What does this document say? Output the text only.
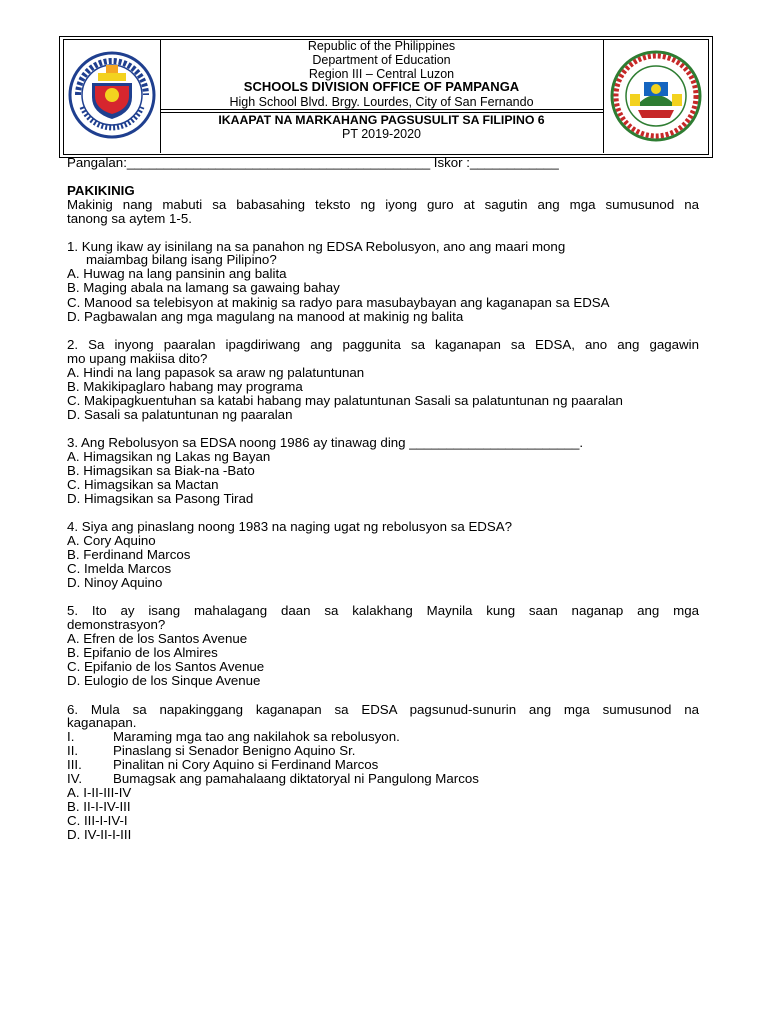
Republic of the Philippines
Department of Education
Region III – Central Luzon
SCHOOLS DIVISION OFFICE OF PAMPANGA
High School Blvd. Brgy. Lourdes, City of San Fernando
IKAAPAT NA MARKAHANG PAGSUSULIT SA FILIPINO 6
PT 2019-2020
Pangalan:_________________________________________ Iskor :____________
PAKIKINIG
Makinig nang mabuti sa babasahing teksto ng iyong guro at sagutin ang mga sumusunod na
tanong sa aytem 1-5.
1. Kung ikaw ay isinilang na sa panahon ng EDSA Rebolusyon, ano ang maari mong
maiambag bilang isang Pilipino?
A. Huwag na lang pansinin ang balita
B. Maging abala na lamang sa gawaing bahay
C. Manood sa telebisyon at makinig sa radyo para masubaybayan ang kaganapan sa EDSA
D. Pagbawalan ang mga magulang na manood at makinig ng balita
2. Sa inyong paaralan ipagdiriwang ang paggunita sa kaganapan sa EDSA, ano ang gagawin
mo upang makiisa dito?
A. Hindi na lang papasok sa araw ng palatuntunan
B. Makikipaglaro habang may programa
C. Makipagkuentuhan sa katabi habang may palatuntunan Sasali sa palatuntunan ng paaralan
D. Sasali sa palatuntunan ng paaralan
3. Ang Rebolusyon sa EDSA noong 1986 ay tinawag ding _______________________.
A. Himagsikan ng Lakas ng Bayan
B. Himagsikan sa Biak-na -Bato
C. Himagsikan sa Mactan
D. Himagsikan sa Pasong Tirad
4. Siya ang pinaslang noong 1983 na naging ugat ng rebolusyon sa EDSA?
A. Cory Aquino
B. Ferdinand Marcos
C. Imelda Marcos
D. Ninoy Aquino
5. Ito ay isang mahalagang daan sa kalakhang Maynila kung saan naganap ang mga
demonstrasyon?
A. Efren de los Santos Avenue
B. Epifanio de los Almires
C. Epifanio de los Santos Avenue
D. Eulogio de los Sinque Avenue
6. Mula sa napakinggang kaganapan sa EDSA pagsunud-sunurin ang mga sumusunod na
kaganapan.
I.	Maraming mga tao ang nakilahok sa rebolusyon.
II.	Pinaslang si Senador Benigno Aquino Sr.
III. Pinalitan ni Cory Aquino si Ferdinand Marcos
IV. Bumagsak ang pamahalaang diktatoryal ni Pangulong Marcos
A. I-II-III-IV
B. II-I-IV-III
C. III-I-IV-I
D. IV-II-I-III
